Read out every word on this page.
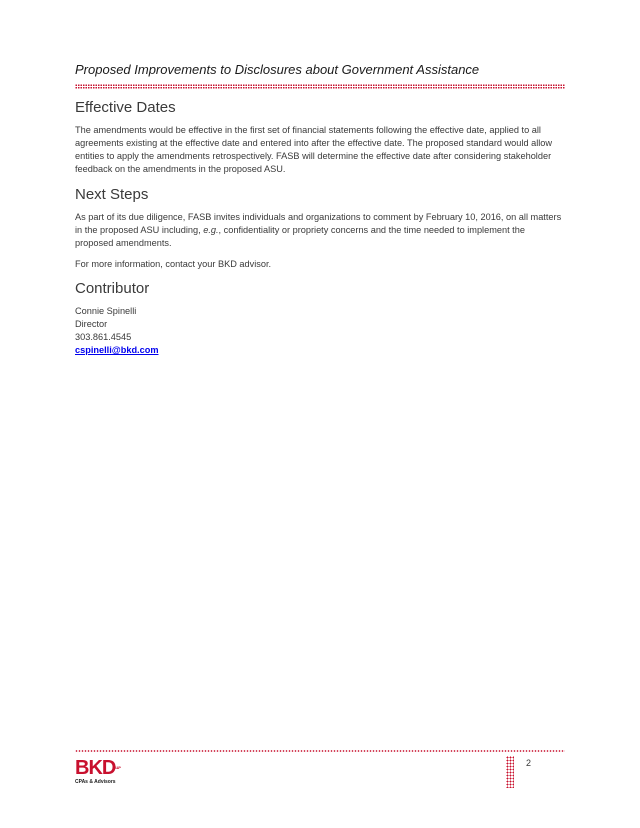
Proposed Improvements to Disclosures about Government Assistance
Effective Dates

The amendments would be effective in the first set of financial statements following the effective date, applied to all agreements existing at the effective date and entered into after the effective date. The proposed standard would allow entities to apply the amendments retrospectively. FASB will determine the effective date after considering stakeholder feedback on the amendments in the proposed ASU.

Next Steps

As part of its due diligence, FASB invites individuals and organizations to comment by February 10, 2016, on all matters in the proposed ASU including, e.g., confidentiality or propriety concerns and the time needed to implement the proposed amendments.

For more information, contact your BKD advisor.

Contributor
Connie Spinelli
Director
303.861.4545
cspinelli@bkd.com
$BKD^{LLP}$
CPAs & Advisors
2
